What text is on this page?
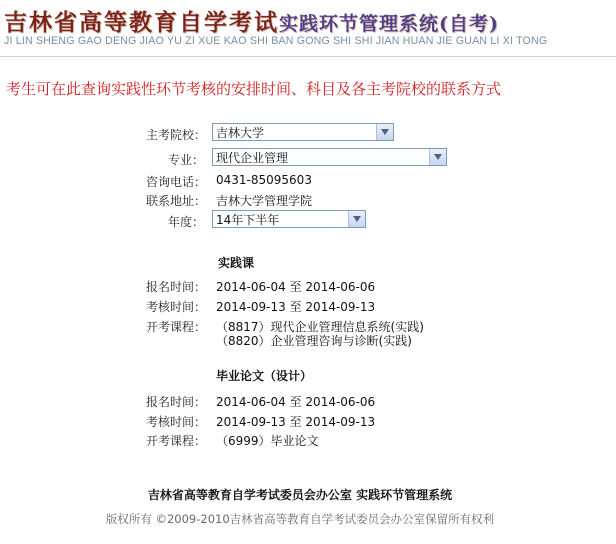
吉林省高等教育自学考试实践环节管理系统(自考)

JI LIN SHENG GAO DENG JIAO YU ZI XUE KAO SHI BAN GONG SHI SHI JIAN HUAN JIE GUAN LI XI TONG

考生可在此查询实践性环节考核的安排时间、科目及各主考院校的联系方式

主考院校： 吉林大学
专业：	现代企业管理
咨询电话： 0431-85095603
联系地址： 吉林大学管理学院
年度：	14年下半年
实践课
报名时间： 2014-06-04 至 2014-06-06
考核时间： 2014-09-13 至 2014-09-13
开考课程： （8817）现代企业管理信息系统(实践)
（8820）企业管理咨询与诊断(实践)
毕业论文（设计）
报名时间： 2014-06-04 至 2014-06-06
考核时间： 2014-09-13 至 2014-09-13
开考课程： （6999）毕业论文
吉林省高等教育自学考试委员会办公室 实践环节管理系统
版权所有 ©2009-2010吉林省高等教育自学考试委员会办公室保留所有权利
